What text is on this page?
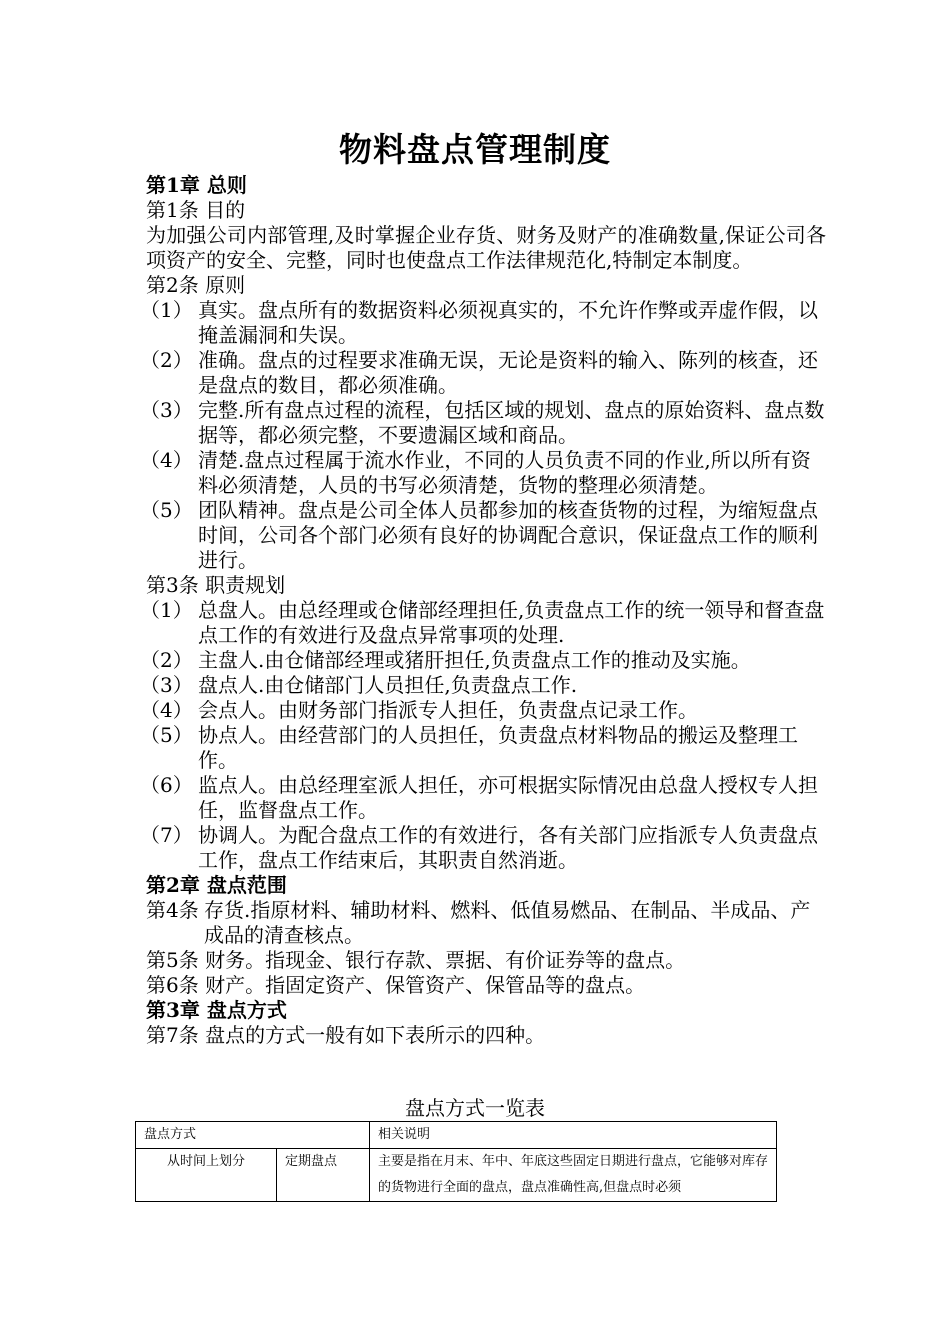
物料盘点管理制度
第1章 总则
第1条 目的
为加强公司内部管理,及时掌握企业存货、财务及财产的准确数量,保证公司各项资产的安全、完整，同时也使盘点工作法律规范化,特制定本制度。
第2条 原则
（1） 真实。盘点所有的数据资料必须视真实的，不允许作弊或弄虚作假，以掩盖漏洞和失误。
（2） 准确。盘点的过程要求准确无误，无论是资料的输入、陈列的核查，还是盘点的数目，都必须准确。
（3） 完整.所有盘点过程的流程，包括区域的规划、盘点的原始资料、盘点数据等，都必须完整，不要遗漏区域和商品。
（4） 清楚.盘点过程属于流水作业，不同的人员负责不同的作业,所以所有资料必须清楚，人员的书写必须清楚，货物的整理必须清楚。
（5） 团队精神。盘点是公司全体人员都参加的核查货物的过程，为缩短盘点时间，公司各个部门必须有良好的协调配合意识，保证盘点工作的顺利进行。
第3条 职责规划
（1） 总盘人。由总经理或仓储部经理担任,负责盘点工作的统一领导和督查盘点工作的有效进行及盘点异常事项的处理.
（2） 主盘人.由仓储部经理或猪肝担任,负责盘点工作的推动及实施。
（3） 盘点人.由仓储部门人员担任,负责盘点工作.
（4） 会点人。由财务部门指派专人担任，负责盘点记录工作。
（5） 协点人。由经营部门的人员担任，负责盘点材料物品的搬运及整理工作。
（6） 监点人。由总经理室派人担任，亦可根据实际情况由总盘人授权专人担任，监督盘点工作。
（7） 协调人。为配合盘点工作的有效进行，各有关部门应指派专人负责盘点工作，盘点工作结束后，其职责自然消逝。
第2章 盘点范围
第4条 存货.指原材料、辅助材料、燃料、低值易燃品、在制品、半成品、产成品的清查核点。
第5条 财务。指现金、银行存款、票据、有价证券等的盘点。
第6条 财产。指固定资产、保管资产、保管品等的盘点。
第3章 盘点方式
第7条 盘点的方式一般有如下表所示的四种。
盘点方式一览表
盘点方式		相关说明
从时间上划分	定期盘点	主要是指在月末、年中、年底这些固定日期进行盘点，它能够对库存的货物进行全面的盘点，盘点准确性高,但盘点时必须
